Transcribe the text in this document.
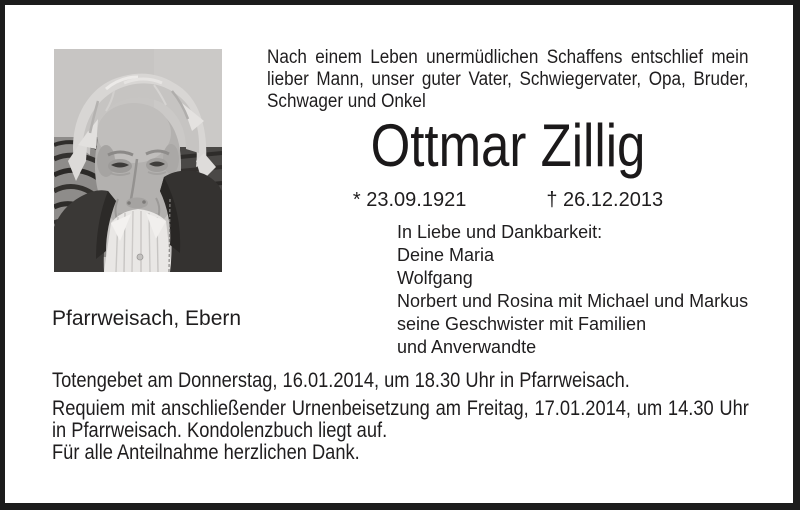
Nach einem Leben unermüdlichen Schaffens entschlief mein lieber Mann, unser guter Vater, Schwiegervater, Opa, Bruder, Schwager und Onkel
Ottmar Zillig
* 23.09.1921	† 26.12.2013
In Liebe und Dankbarkeit:
Deine Maria
Wolfgang
Norbert und Rosina mit Michael und Markus
seine Geschwister mit Familien
und Anverwandte
Pfarrweisach, Ebern

Totengebet am Donnerstag, 16.01.2014, um 18.30 Uhr in Pfarrweisach.

Requiem mit anschließender Urnenbeisetzung am Freitag, 17.01.2014, um 14.30 Uhr in Pfarrweisach. Kondolenzbuch liegt auf.

Für alle Anteilnahme herzlichen Dank.
